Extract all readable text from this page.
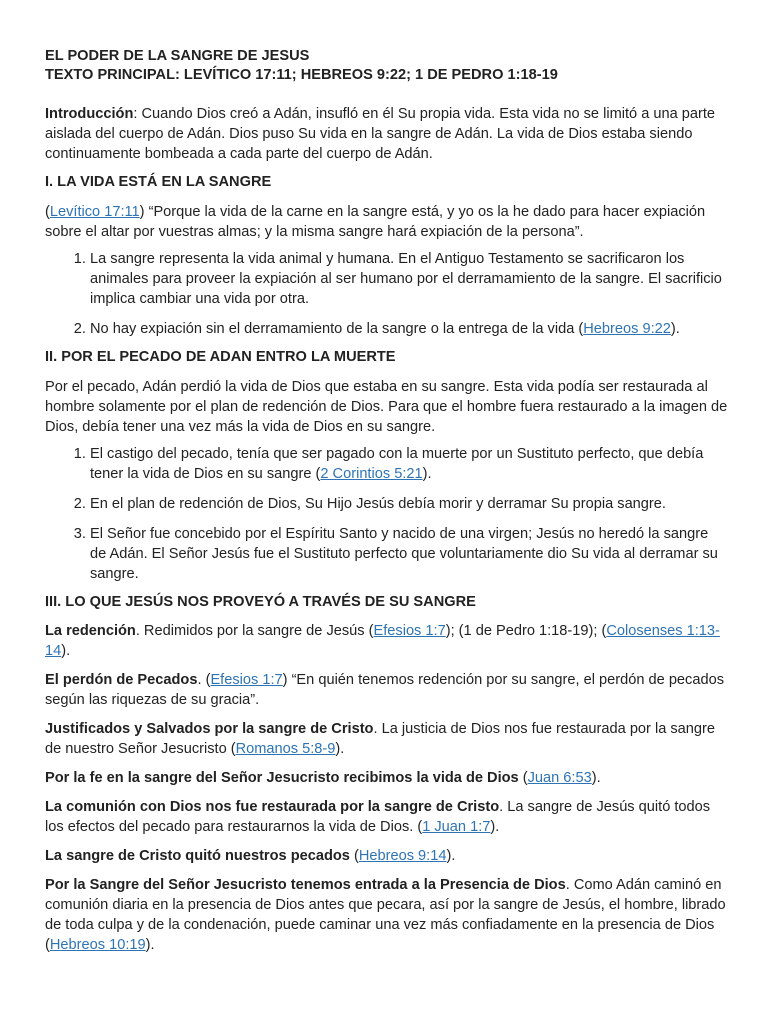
EL PODER DE LA SANGRE DE JESUS

TEXTO PRINCIPAL: LEVÍTICO 17:11; HEBREOS 9:22; 1 DE PEDRO 1:18-19

Introducción: Cuando Dios creó a Adán, insufló en él Su propia vida. Esta vida no se limitó a una parte aislada del cuerpo de Adán. Dios puso Su vida en la sangre de Adán. La vida de Dios estaba siendo continuamente bombeada a cada parte del cuerpo de Adán.

I. LA VIDA ESTÁ EN LA SANGRE

(Levítico 17:11) “Porque la vida de la carne en la sangre está, y yo os la he dado para hacer expiación sobre el altar por vuestras almas; y la misma sangre hará expiación de la persona”.

1. La sangre representa la vida animal y humana. En el Antiguo Testamento se sacrificaron los animales para proveer la expiación al ser humano por el derramamiento de la sangre. El sacrificio implica cambiar una vida por otra.
2. No hay expiación sin el derramamiento de la sangre o la entrega de la vida (Hebreos 9:22).
II. POR EL PECADO DE ADAN ENTRO LA MUERTE

Por el pecado, Adán perdió la vida de Dios que estaba en su sangre. Esta vida podía ser restaurada al hombre solamente por el plan de redención de Dios. Para que el hombre fuera restaurado a la imagen de Dios, debía tener una vez más la vida de Dios en su sangre.

1. El castigo del pecado, tenía que ser pagado con la muerte por un Sustituto perfecto, que debía tener la vida de Dios en su sangre (2 Corintios 5:21).
2. En el plan de redención de Dios, Su Hijo Jesús debía morir y derramar Su propia sangre.
3. El Señor fue concebido por el Espíritu Santo y nacido de una virgen; Jesús no heredó la sangre de Adán. El Señor Jesús fue el Sustituto perfecto que voluntariamente dio Su vida al derramar su sangre.
III. LO QUE JESÚS NOS PROVEYÓ A TRAVÉS DE SU SANGRE

La redención. Redimidos por la sangre de Jesús (Efesios 1:7); (1 de Pedro 1:18-19); (Colosenses 1:13-14).

El perdón de Pecados. (Efesios 1:7) “En quién tenemos redención por su sangre, el perdón de pecados según las riquezas de su gracia”.

Justificados y Salvados por la sangre de Cristo. La justicia de Dios nos fue restaurada por la sangre de nuestro Señor Jesucristo (Romanos 5:8-9).

Por la fe en la sangre del Señor Jesucristo recibimos la vida de Dios (Juan 6:53).

La comunión con Dios nos fue restaurada por la sangre de Cristo. La sangre de Jesús quitó todos los efectos del pecado para restaurarnos la vida de Dios. (1 Juan 1:7).

La sangre de Cristo quitó nuestros pecados (Hebreos 9:14).

Por la Sangre del Señor Jesucristo tenemos entrada a la Presencia de Dios. Como Adán caminó en comunión diaria en la presencia de Dios antes que pecara, así por la sangre de Jesús, el hombre, librado de toda culpa y de la condenación, puede caminar una vez más confiadamente en la presencia de Dios (Hebreos 10:19).
